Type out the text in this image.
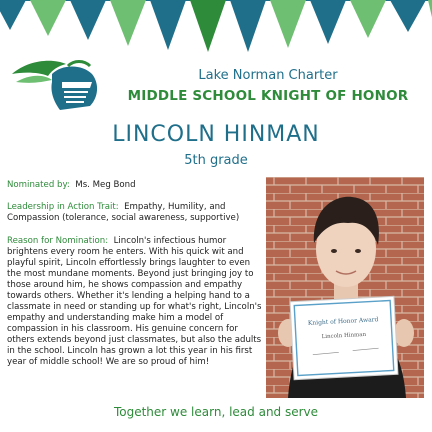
Lake Norman Charter
MIDDLE SCHOOL KNIGHT OF HONOR
LINCOLN HINMAN
5th grade
Nominated by: Ms. Meg Bond
Leadership in Action Trait: Empathy, Humility, and Compassion (tolerance, social awareness, supportive)
Reason for Nomination: Lincoln's infectious humor brightens every room he enters. With his quick wit and playful spirit, Lincoln effortlessly brings laughter to even the most mundane moments. Beyond just bringing joy to those around him, he shows compassion and empathy towards others. Whether it's lending a helping hand to a classmate in need or standing up for what's right, Lincoln's empathy and understanding make him a model of compassion in his classroom. His genuine concern for others extends beyond just classmates, but also the adults in the school. Lincoln has grown a lot this year in his first year of middle school! We are so proud of him!
Knight of Honor Award
Lincoln Hinman
Together we learn, lead and serve
